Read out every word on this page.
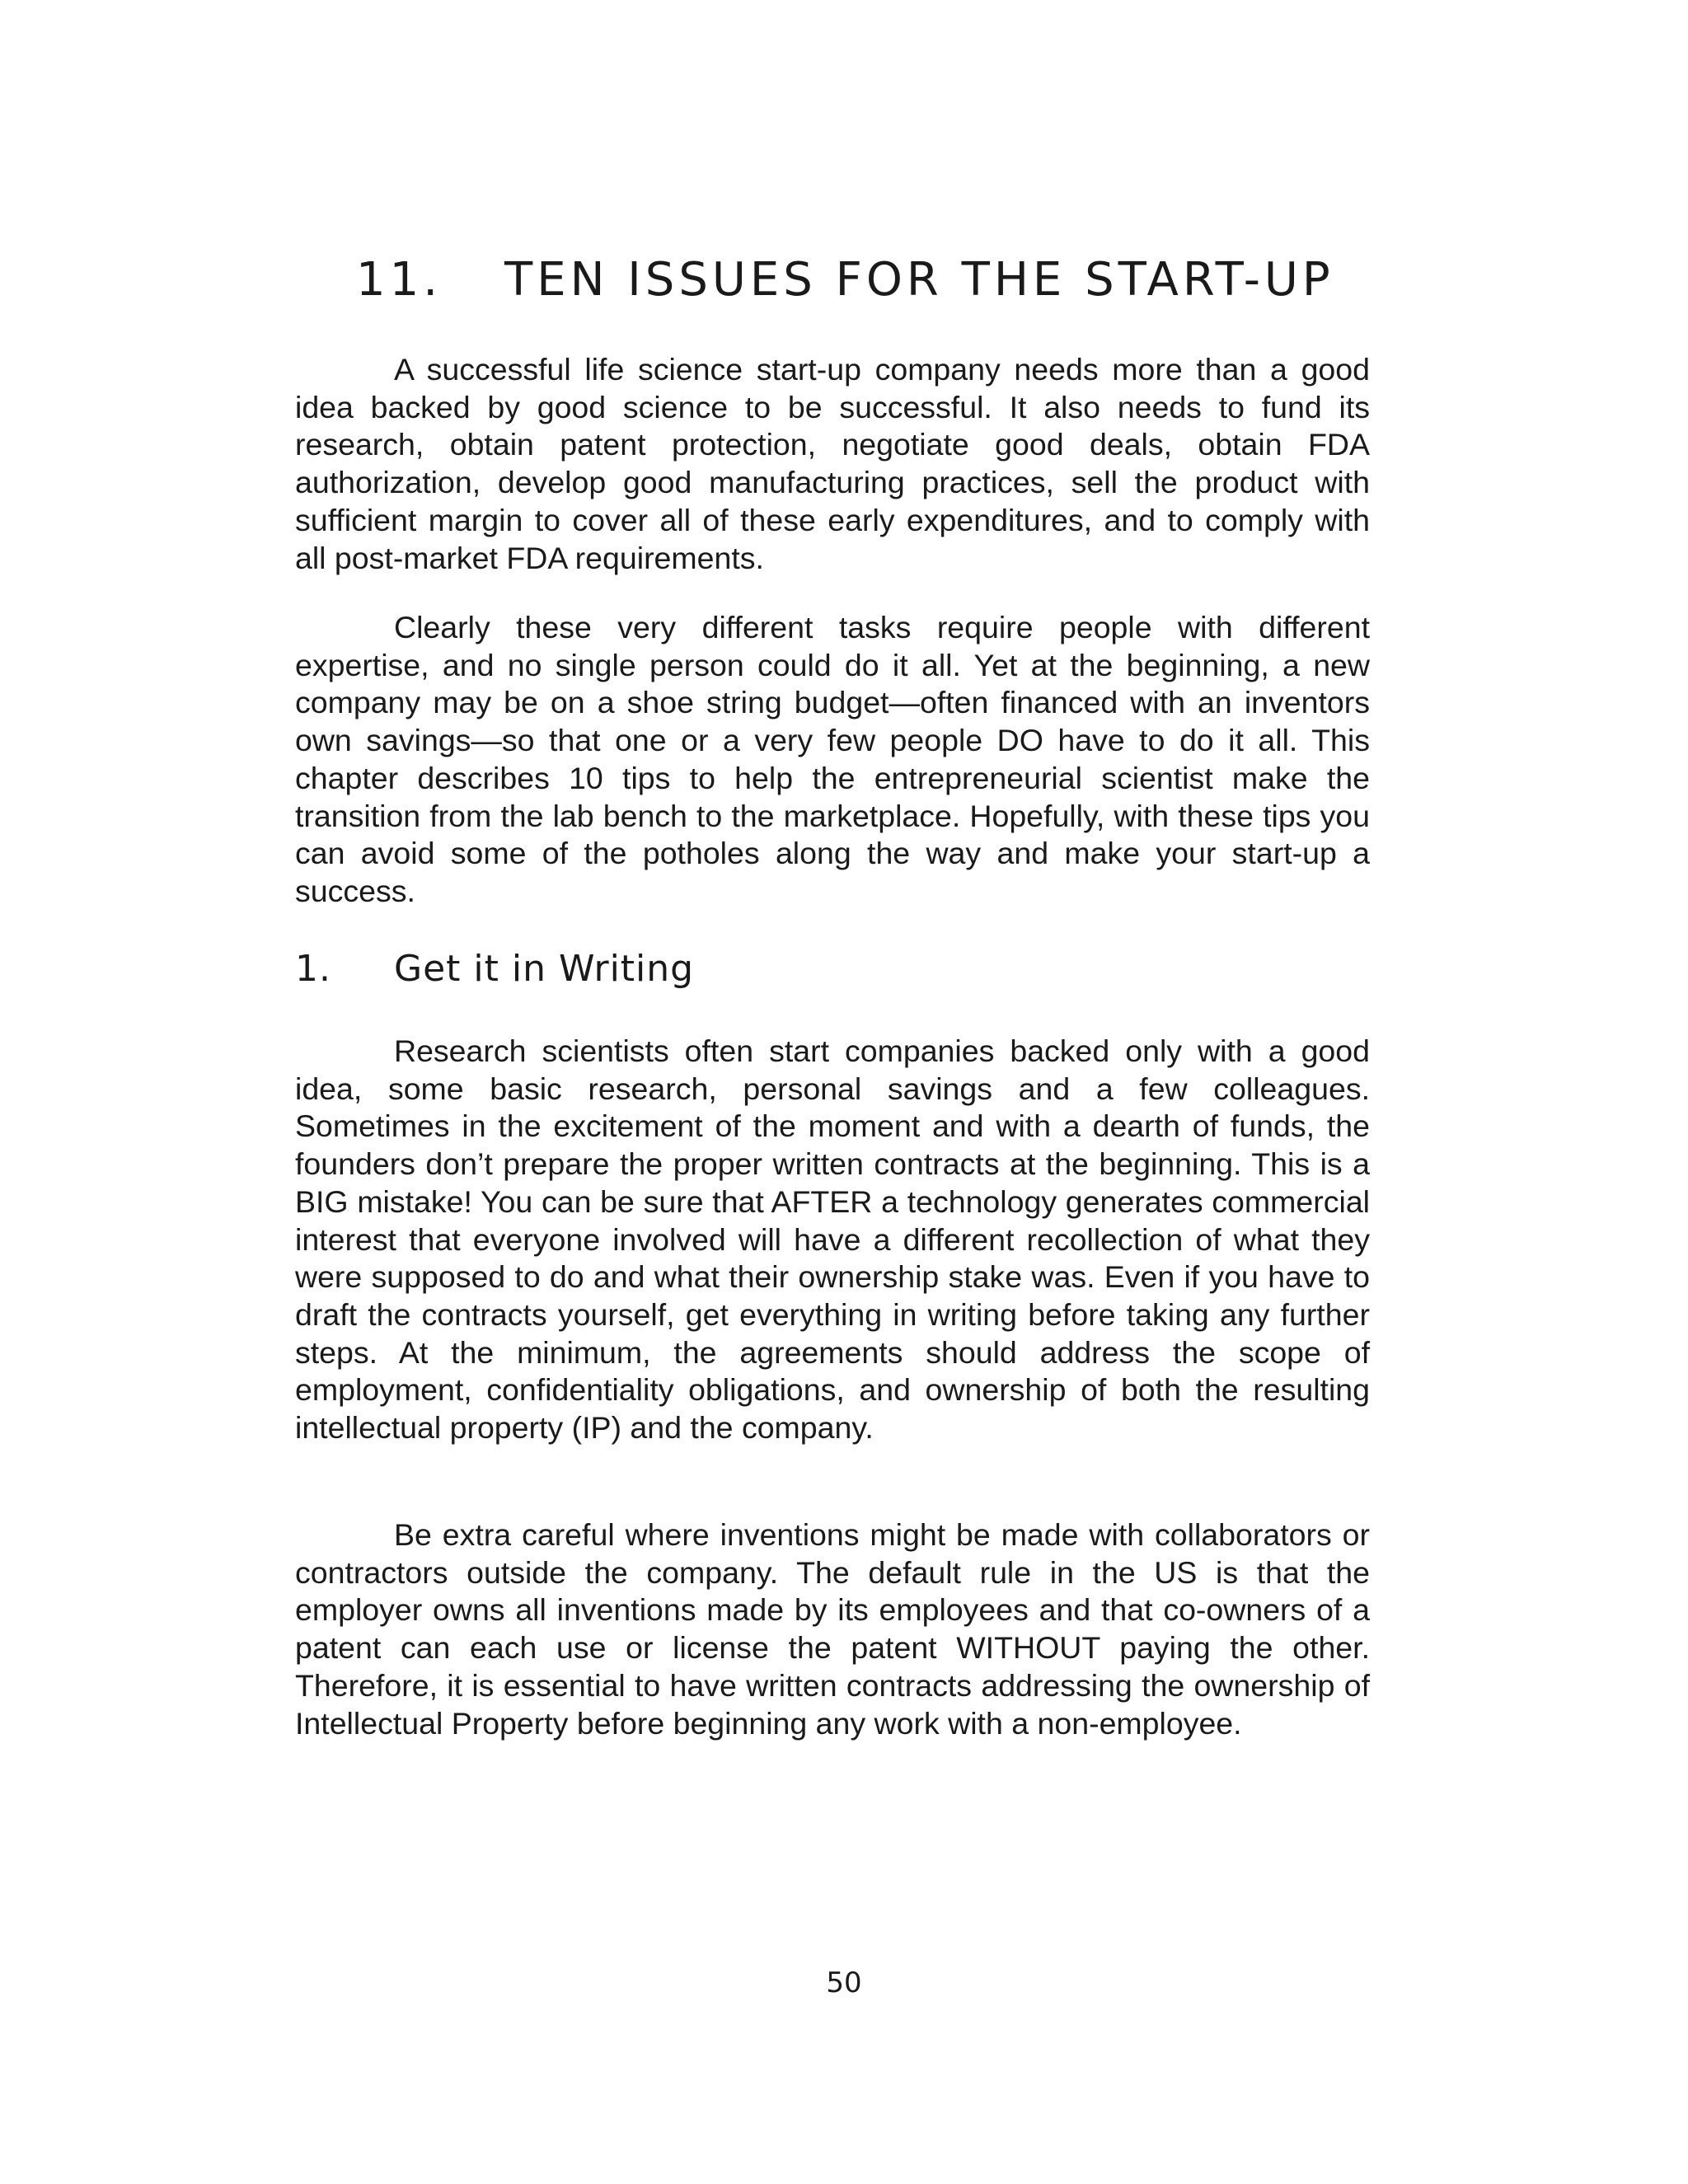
11. TEN ISSUES FOR THE START-UP

A successful life science start-up company needs more than a good idea backed by good science to be successful. It also needs to fund its research, obtain patent protection, negotiate good deals, obtain FDA authorization, develop good manufacturing practices, sell the product with sufficient margin to cover all of these early expenditures, and to comply with all post-market FDA requirements.

Clearly these very different tasks require people with different expertise, and no single person could do it all. Yet at the beginning, a new company may be on a shoe string budget—often financed with an inventors own savings—so that one or a very few people DO have to do it all. This chapter describes 10 tips to help the entrepreneurial scientist make the transition from the lab bench to the marketplace. Hopefully, with these tips you can avoid some of the potholes along the way and make your start-up a success.

1. Get it in Writing

Research scientists often start companies backed only with a good idea, some basic research, personal savings and a few colleagues. Sometimes in the excitement of the moment and with a dearth of funds, the founders don’t prepare the proper written contracts at the beginning. This is a BIG mistake! You can be sure that AFTER a technology generates commercial interest that everyone involved will have a different recollection of what they were supposed to do and what their ownership stake was. Even if you have to draft the contracts yourself, get everything in writing before taking any further steps. At the minimum, the agreements should address the scope of employment, confidentiality obligations, and ownership of both the resulting intellectual property (IP) and the company.

Be extra careful where inventions might be made with collaborators or contractors outside the company. The default rule in the US is that the employer owns all inventions made by its employees and that co-owners of a patent can each use or license the patent WITHOUT paying the other. Therefore, it is essential to have written contracts addressing the ownership of Intellectual Property before beginning any work with a non-employee.

50
